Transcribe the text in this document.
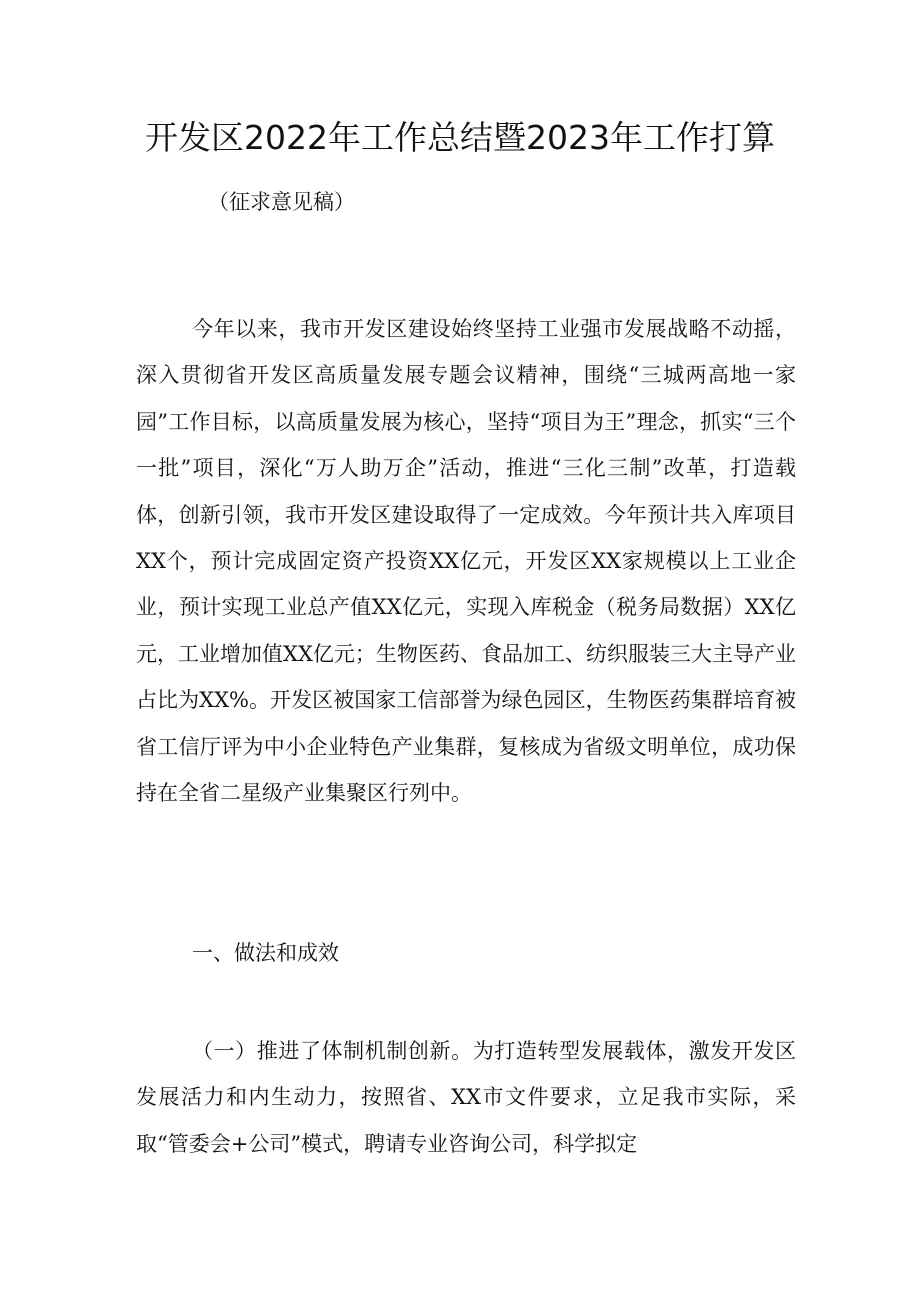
开发区2022年工作总结暨2023年工作打算
（征求意见稿）

今年以来，我市开发区建设始终坚持工业强市发展战略不动摇，深入贯彻省开发区高质量发展专题会议精神，围绕“三城两高地一家园”工作目标，以高质量发展为核心，坚持“项目为王”理念，抓实“三个一批”项目，深化“万人助万企”活动，推进“三化三制”改革，打造载体，创新引领，我市开发区建设取得了一定成效。今年预计共入库项目XX个，预计完成固定资产投资XX亿元，开发区XX家规模以上工业企业，预计实现工业总产值XX亿元，实现入库税金（税务局数据）XX亿元，工业增加值XX亿元；生物医药、食品加工、纺织服装三大主导产业占比为XX%。开发区被国家工信部誉为绿色园区，生物医药集群培育被省工信厅评为中小企业特色产业集群，复核成为省级文明单位，成功保持在全省二星级产业集聚区行列中。

一、做法和成效

（一）推进了体制机制创新。为打造转型发展载体，激发开发区发展活力和内生动力，按照省、XX市文件要求，立足我市实际，采取“管委会+公司”模式，聘请专业咨询公司，科学拟定
